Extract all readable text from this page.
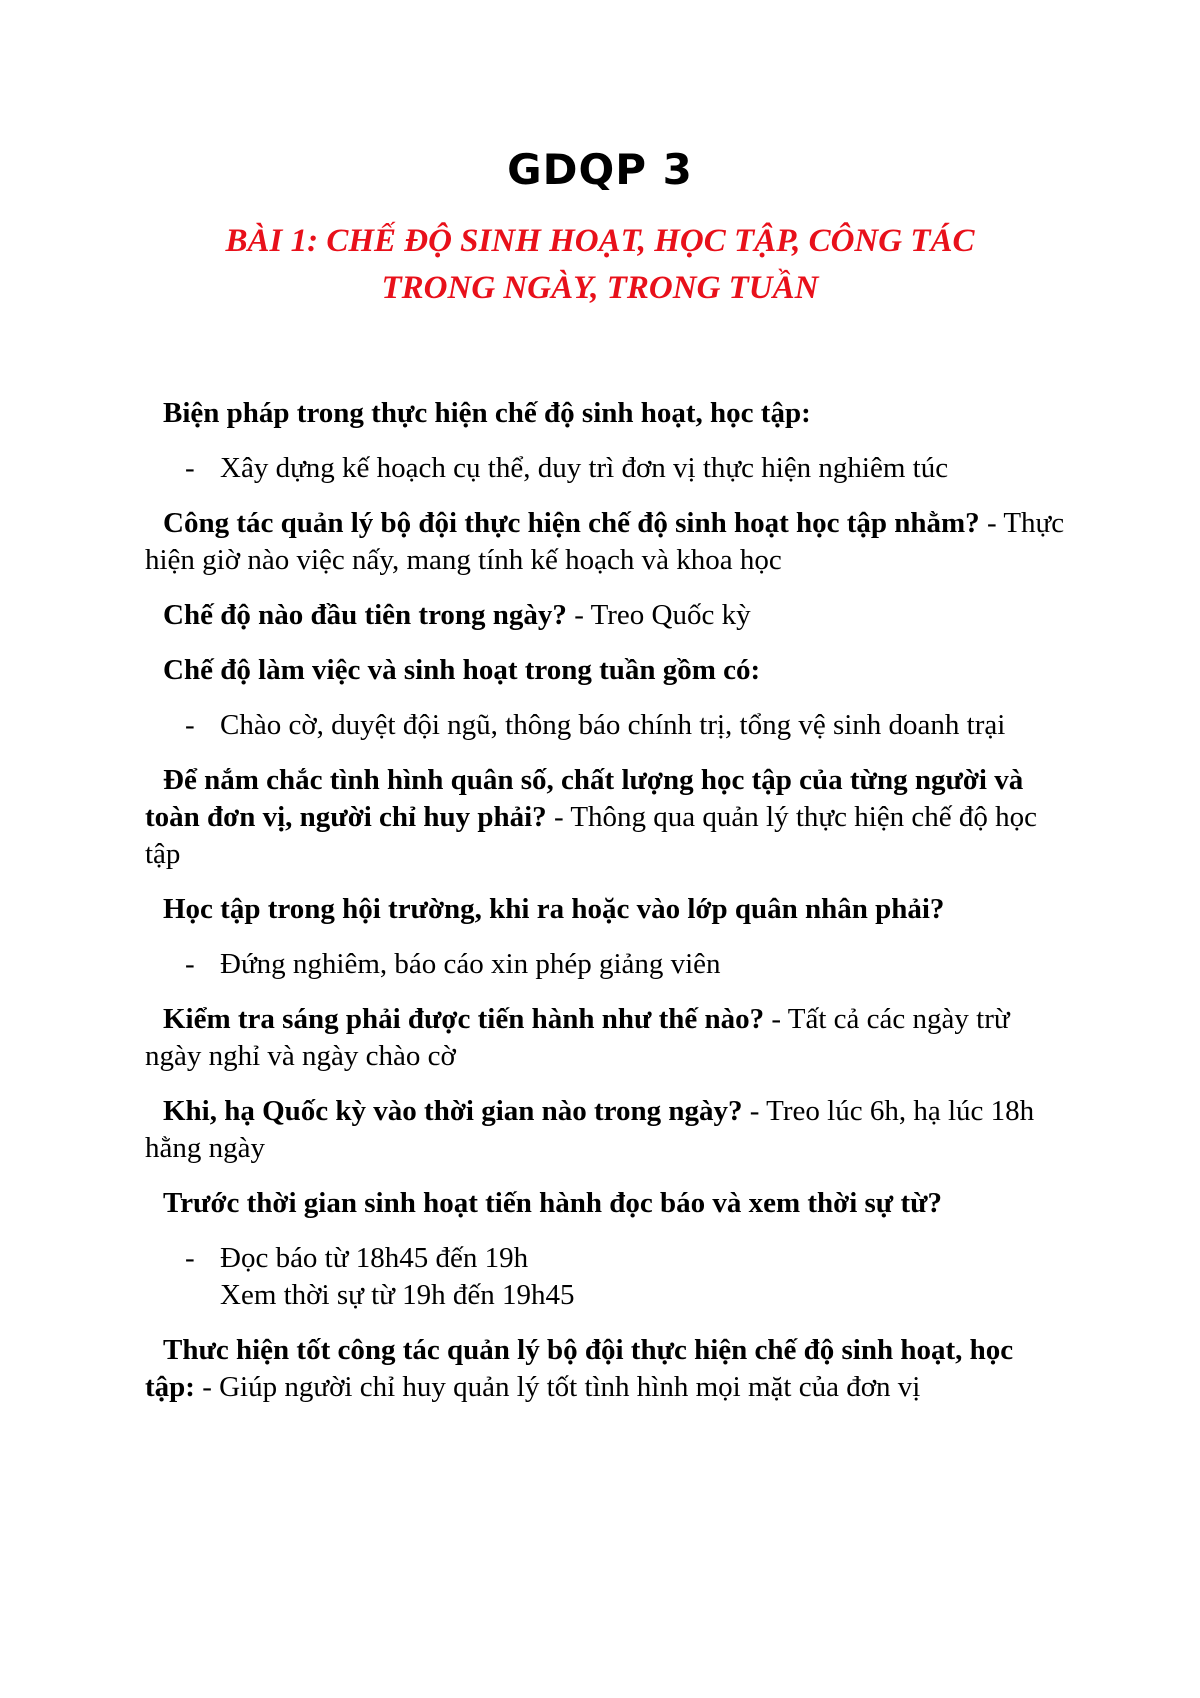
GDQP 3
BÀI 1: CHẾ ĐỘ SINH HOẠT, HỌC TẬP, CÔNG TÁC
TRONG NGÀY, TRONG TUẦN

Biện pháp trong thực hiện chế độ sinh hoạt, học tập:

- Xây dựng kế hoạch cụ thể, duy trì đơn vị thực hiện nghiêm túc

Công tác quản lý bộ đội thực hiện chế độ sinh hoạt học tập nhằm? - Thực hiện giờ nào việc nấy, mang tính kế hoạch và khoa học

Chế độ nào đầu tiên trong ngày? - Treo Quốc kỳ

Chế độ làm việc và sinh hoạt trong tuần gồm có:

- Chào cờ, duyệt đội ngũ, thông báo chính trị, tổng vệ sinh doanh trại

Để nắm chắc tình hình quân số, chất lượng học tập của từng người và toàn đơn vị, người chỉ huy phải? - Thông qua quản lý thực hiện chế độ học tập

Học tập trong hội trường, khi ra hoặc vào lớp quân nhân phải?

- Đứng nghiêm, báo cáo xin phép giảng viên

Kiểm tra sáng phải được tiến hành như thế nào? - Tất cả các ngày trừ ngày nghỉ và ngày chào cờ

Khi, hạ Quốc kỳ vào thời gian nào trong ngày? - Treo lúc 6h, hạ lúc 18h hằng ngày

Trước thời gian sinh hoạt tiến hành đọc báo và xem thời sự từ?

- Đọc báo từ 18h45 đến 19h
Xem thời sự từ 19h đến 19h45

Thưc hiện tốt công tác quản lý bộ đội thực hiện chế độ sinh hoạt, học tập: - Giúp người chỉ huy quản lý tốt tình hình mọi mặt của đơn vị
